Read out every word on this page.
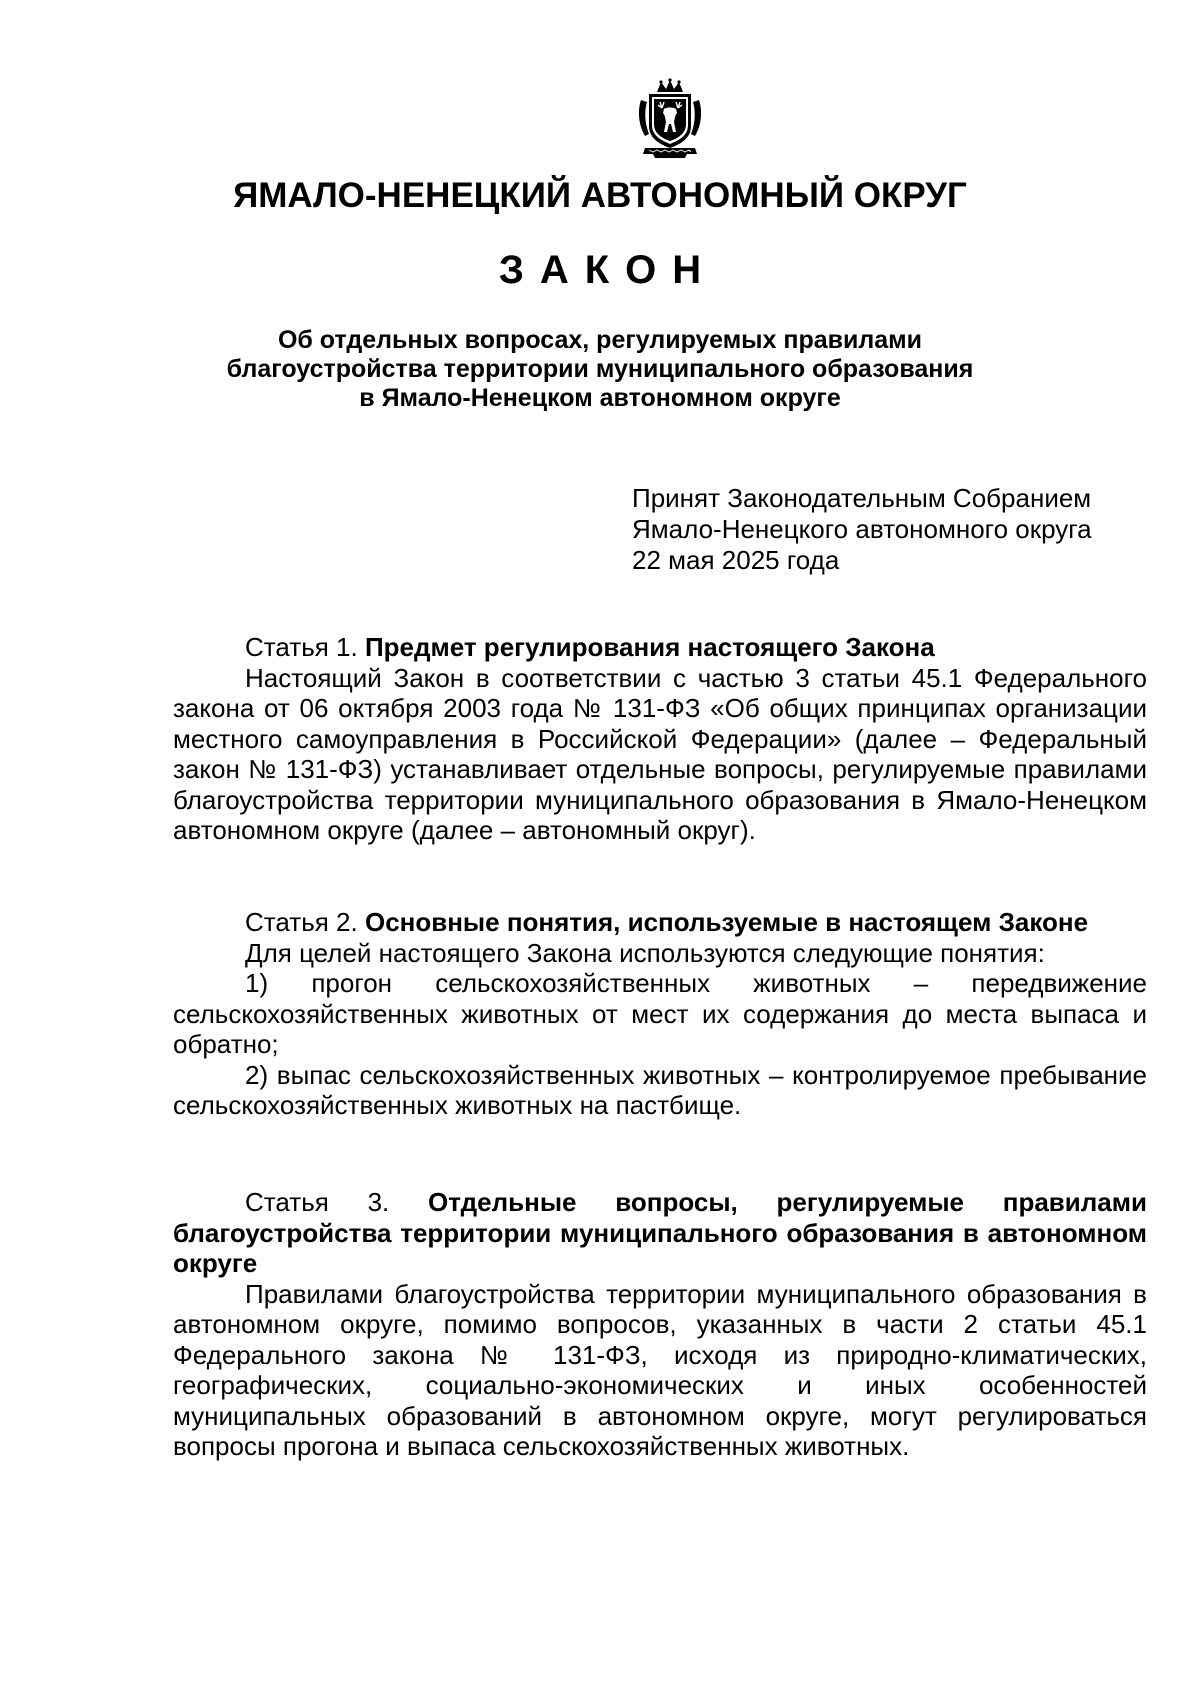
ЯМАЛО-НЕНЕЦКИЙ АВТОНОМНЫЙ ОКРУГ
ЗАКОН
Об отдельных вопросах, регулируемых правилами
благоустройства территории муниципального образования
в Ямало-Ненецком автономном округе
Принят Законодательным Собранием
Ямало-Ненецкого автономного округа
22 мая 2025 года

Статья 1. Предмет регулирования настоящего Закона

Настоящий Закон в соответствии с частью 3 статьи 45.1 Федерального закона от 06 октября 2003 года № 131-ФЗ «Об общих принципах организации местного самоуправления в Российской Федерации» (далее – Федеральный закон № 131-ФЗ) устанавливает отдельные вопросы, регулируемые правилами благоустройства территории муниципального образования в Ямало-Ненецком автономном округе (далее – автономный округ).

Статья 2. Основные понятия, используемые в настоящем Законе

Для целей настоящего Закона используются следующие понятия:

1) прогон сельскохозяйственных животных – передвижение сельскохозяйственных животных от мест их содержания до места выпаса и обратно;

2) выпас сельскохозяйственных животных – контролируемое пребывание сельскохозяйственных животных на пастбище.

Статья 3. Отдельные вопросы, регулируемые правилами благоустройства территории муниципального образования в автономном округе

Правилами благоустройства территории муниципального образования в автономном округе, помимо вопросов, указанных в части 2 статьи 45.1 Федерального закона № 131-ФЗ, исходя из природно-климатических, географических, социально-экономических и иных особенностей муниципальных образований в автономном округе, могут регулироваться вопросы прогона и выпаса сельскохозяйственных животных.
